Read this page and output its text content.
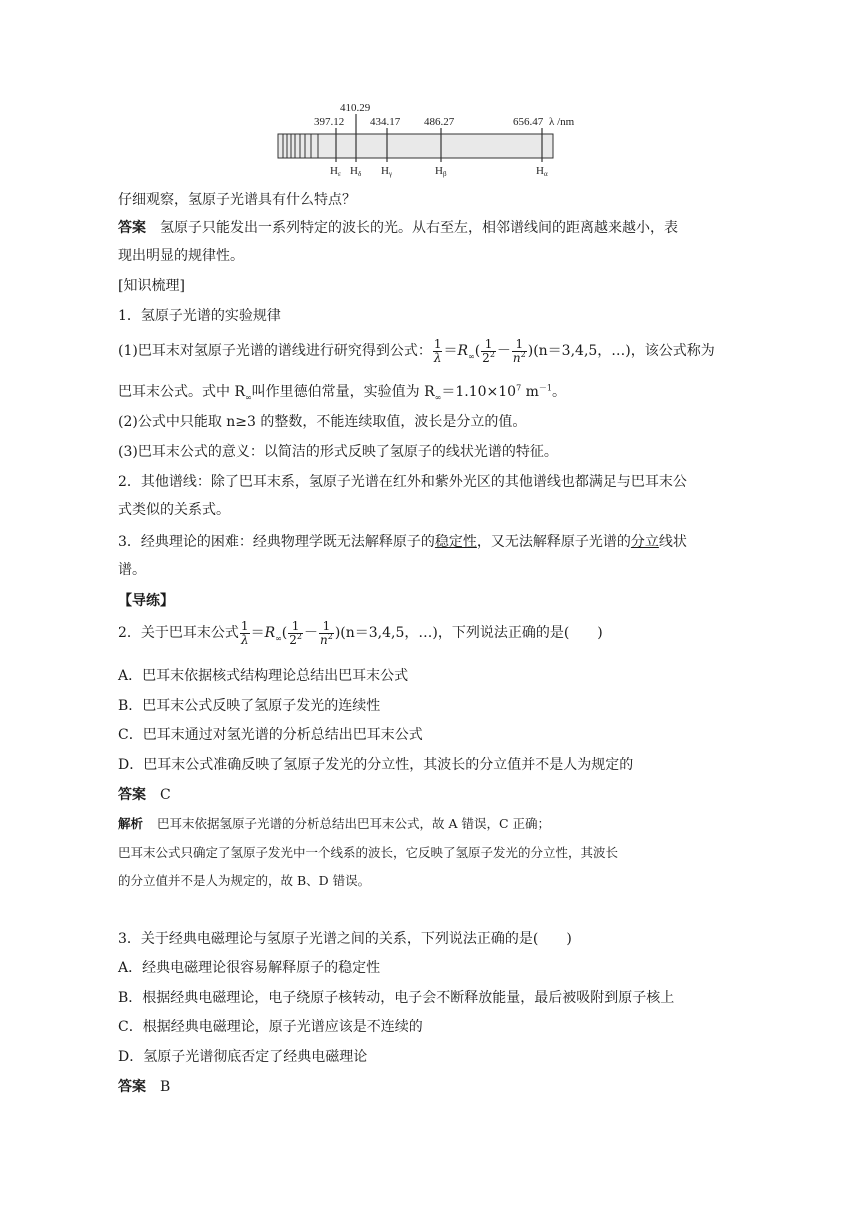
397.12
410.29
434.17 486.27	656.47 λ /nm
Hε Hδ Hγ	Hβ	Hα
仔细观察，氢原子光谱具有什么特点？
答案 氢原子只能发出一系列特定的波长的光。从右至左，相邻谱线间的距离越来越小，表
现出明显的规律性。
[知识梳理]
1．氢原子光谱的实验规律
(1)巴耳末对氢原子光谱的谱线进行研究得到公式： $\frac{1}{\lambda} =R_\infty( \frac{1}{2^2} - \frac{1}{n^2} )(n=3,4,5$，…)，该公式称为
巴耳末公式。式中 $R_\infty$叫作里德伯常量，实验值为 $R_\infty=1.10\times 10^7$ $m^{-1}$。
(2)公式中只能取 n≥3 的整数，不能连续取值，波长是分立的值。
(3)巴耳末公式的意义：以简洁的形式反映了氢原子的线状光谱的特征。
2．其他谱线：除了巴耳末系，氢原子光谱在红外和紫外光区的其他谱线也都满足与巴耳末公
式类似的关系式。
3．经典理论的困难：经典物理学既无法解释原子的稳定性，又无法解释原子光谱的分立线状
谱。
【导练】
2．关于巴耳末公式 $\frac{1}{\lambda} =R_\infty( \frac{1}{2^2} - \frac{1}{n^2} )(n=3,4,5$，…)，下列说法正确的是(　　)
A．巴耳末依据核式结构理论总结出巴耳末公式
B．巴耳末公式反映了氢原子发光的连续性
C．巴耳末通过对氢光谱的分析总结出巴耳末公式
D．巴耳末公式准确反映了氢原子发光的分立性，其波长的分立值并不是人为规定的
答案 C
解析 巴耳末依据氢原子光谱的分析总结出巴耳末公式，故 A 错误，C 正确；
巴耳末公式只确定了氢原子发光中一个线系的波长，它反映了氢原子发光的分立性，其波长
的分立值并不是人为规定的，故 B、D 错误。
3．关于经典电磁理论与氢原子光谱之间的关系，下列说法正确的是(　　)
A．经典电磁理论很容易解释原子的稳定性
B．根据经典电磁理论，电子绕原子核转动，电子会不断释放能量，最后被吸附到原子核上
C．根据经典电磁理论，原子光谱应该是不连续的
D．氢原子光谱彻底否定了经典电磁理论
答案 B
